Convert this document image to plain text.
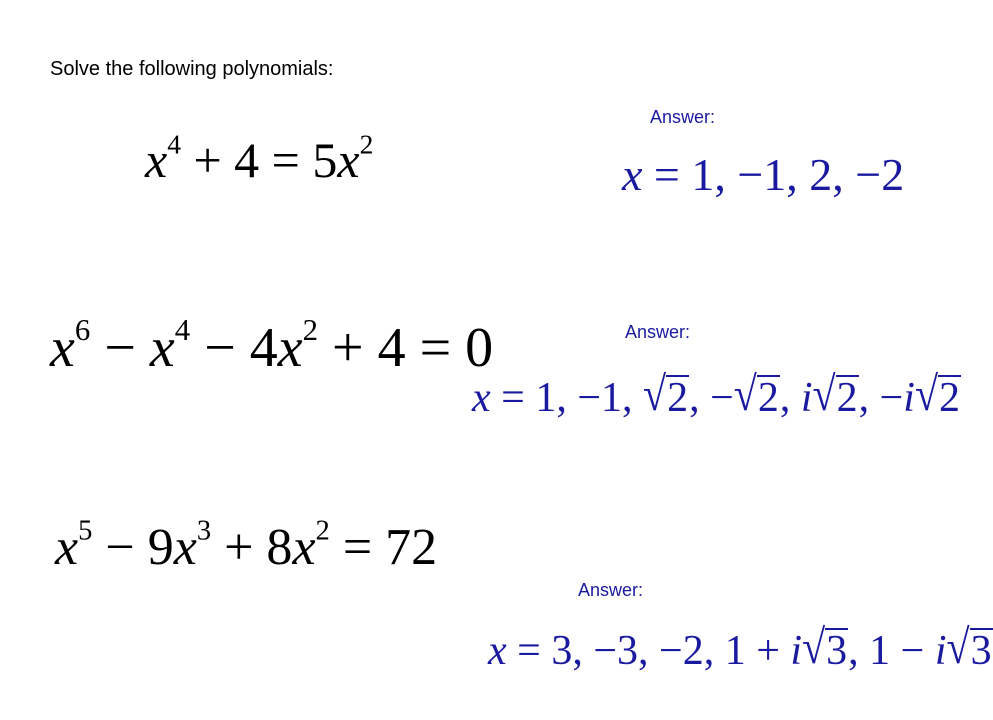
Solve the following polynomials:
$x^4 + 4 = 5x^2$
Answer:
x = 1, −1, 2, −2
$x^6 - x^4 - 4x^2 + 4 = 0$	Answer:
x = 1, −1, √2, −√2, i√2, −i√2
$x^5 - 9x^3 + 8x^2 = 72$
Answer:
x = 3, −3, −2, 1 + i√3, 1 − i√3
